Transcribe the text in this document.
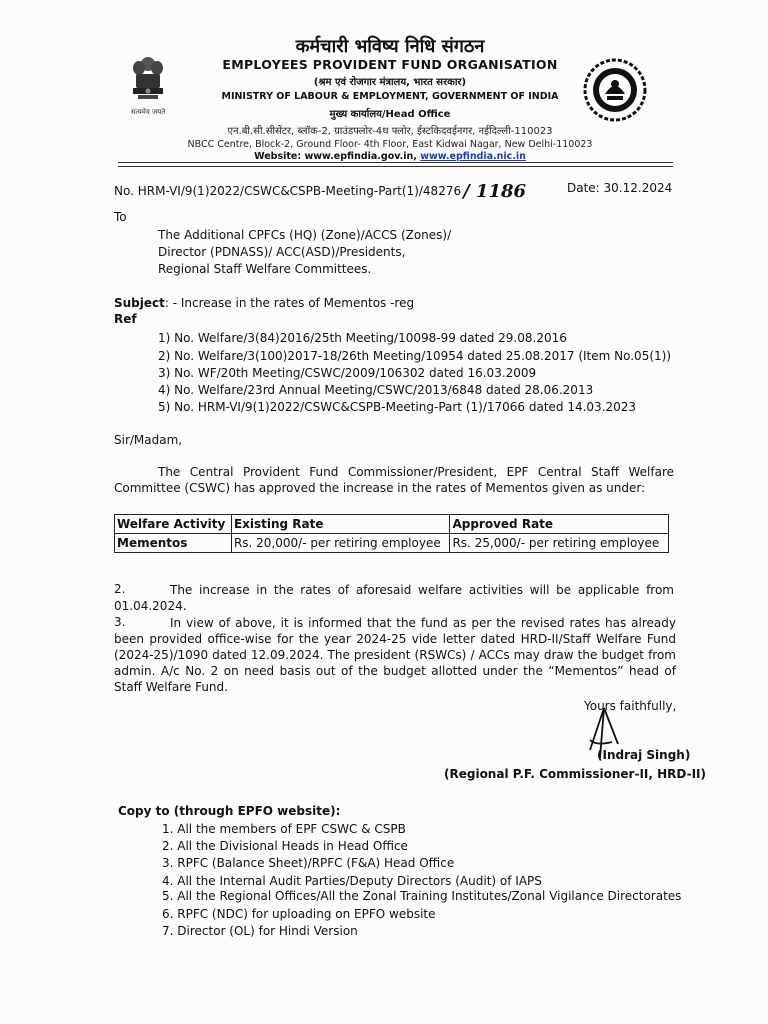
सत्यमेव जयते
कर्मचारी भविष्य निधि संगठन
EMPLOYEES PROVIDENT FUND ORGANISATION
(श्रम एवं रोजगार मंत्रालय, भारत सरकार)
MINISTRY OF LABOUR & EMPLOYMENT, GOVERNMENT OF INDIA
मुख्य कार्यालय/Head Office
एन.बी.सी.सीसेंटर, ब्लॉक-2, ग्राउंडफ्लोर-4थ फ्लोर, ईस्टकिदवईनगर, नईदिल्ली-110023
NBCC Centre, Block-2, Ground Floor- 4th Floor, East Kidwai Nagar, New Delhi-110023
Website: www.epfindia.gov.in, www.epfindia.nic.in
No. HRM-VI/9(1)2022/CSWC&CSPB-Meeting-Part(1)/48276 / 1186	Date: 30.12.2024
To
The Additional CPFCs (HQ) (Zone)/ACCS (Zones)/
Director (PDNASS)/ ACC(ASD)/Presidents,
Regional Staff Welfare Committees.
Subject: - Increase in the rates of Mementos -reg
Ref
1) No. Welfare/3(84)2016/25th Meeting/10098-99 dated 29.08.2016
2) No. Welfare/3(100)2017-18/26th Meeting/10954 dated 25.08.2017 (Item No.05(1))
3) No. WF/20th Meeting/CSWC/2009/106302 dated 16.03.2009
4) No. Welfare/23rd Annual Meeting/CSWC/2013/6848 dated 28.06.2013
5) No. HRM-VI/9(1)2022/CSWC&CSPB-Meeting-Part (1)/17066 dated 14.03.2023
Sir/Madam,
The Central Provident Fund Commissioner/President, EPF Central Staff Welfare Committee (CSWC) has approved the increase in the rates of Mementos given as under:
Welfare Activity	Existing Rate	Approved Rate
Mementos	Rs. 20,000/- per retiring employee	Rs. 25,000/- per retiring employee
2.	The increase in the rates of aforesaid welfare activities will be applicable from 01.04.2024.
3.	In view of above, it is informed that the fund as per the revised rates has already been provided office-wise for the year 2024-25 vide letter dated HRD-II/Staff Welfare Fund (2024-25)/1090 dated 12.09.2024. The president (RSWCs) / ACCs may draw the budget from admin. A/c No. 2 on need basis out of the budget allotted under the “Mementos” head of Staff Welfare Fund.
Yours faithfully,
(Indraj Singh)
(Regional P.F. Commissioner-II, HRD-II)
Copy to (through EPFO website):
1. All the members of EPF CSWC & CSPB
2. All the Divisional Heads in Head Office
3. RPFC (Balance Sheet)/RPFC (F&A) Head Office
4. All the Internal Audit Parties/Deputy Directors (Audit) of IAPS
5. All the Regional Offices/All the Zonal Training Institutes/Zonal Vigilance Directorates
6. RPFC (NDC) for uploading on EPFO website
7. Director (OL) for Hindi Version
